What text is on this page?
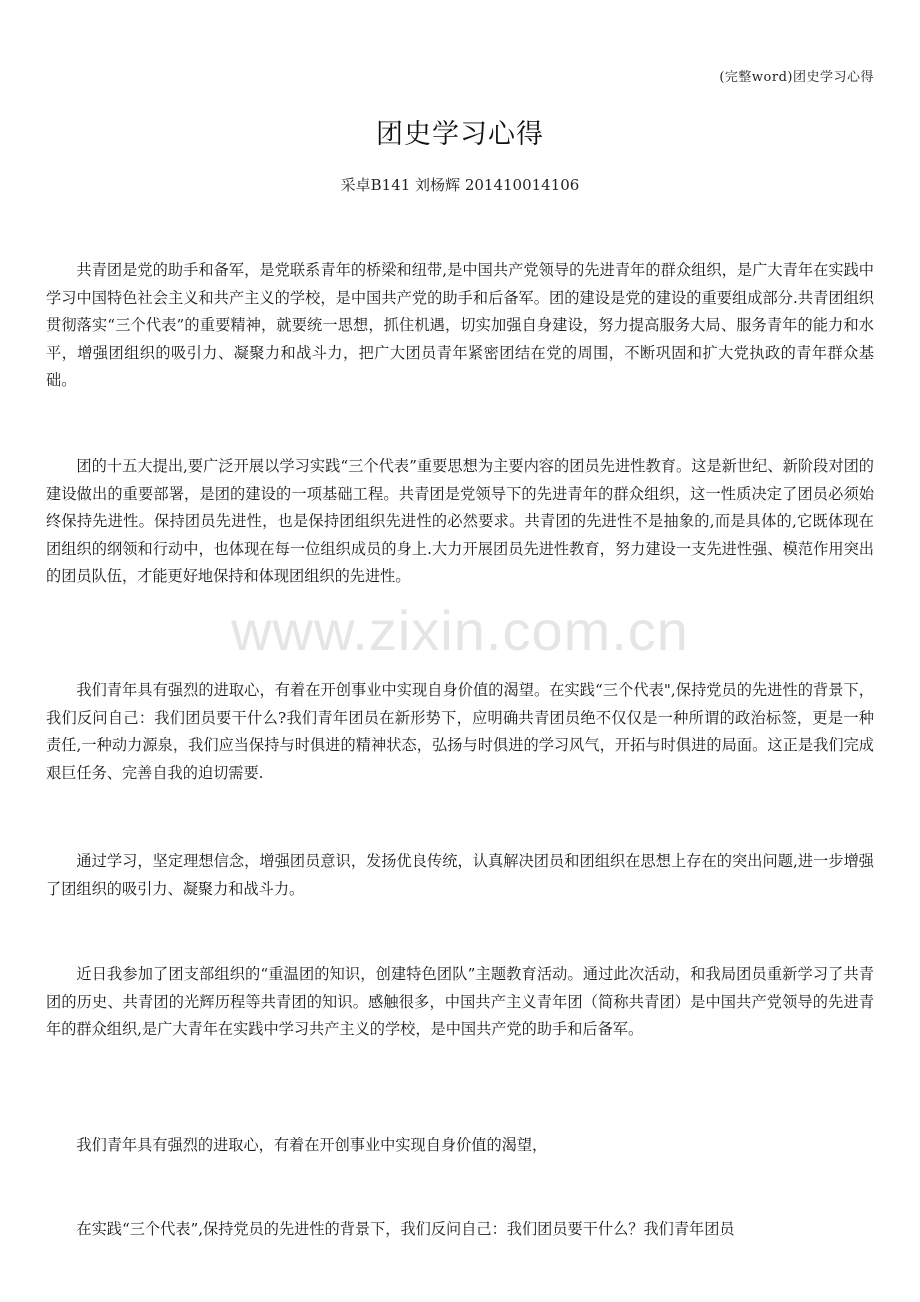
(完整word)团史学习心得
团史学习心得
采卓B141 刘杨辉 201410014106
www.zixin.com.cn

共青团是党的助手和备军，是党联系青年的桥梁和纽带,是中国共产党领导的先进青年的群众组织，是广大青年在实践中学习中国特色社会主义和共产主义的学校，是中国共产党的助手和后备军。团的建设是党的建设的重要组成部分.共青团组织贯彻落实“三个代表”的重要精神，就要统一思想，抓住机遇，切实加强自身建设，努力提高服务大局、服务青年的能力和水平，增强团组织的吸引力、凝聚力和战斗力，把广大团员青年紧密团结在党的周围，不断巩固和扩大党执政的青年群众基础。

团的十五大提出,要广泛开展以学习实践“三个代表”重要思想为主要内容的团员先进性教育。这是新世纪、新阶段对团的建设做出的重要部署，是团的建设的一项基础工程。共青团是党领导下的先进青年的群众组织，这一性质决定了团员必须始终保持先进性。保持团员先进性，也是保持团组织先进性的必然要求。共青团的先进性不是抽象的,而是具体的,它既体现在团组织的纲领和行动中，也体现在每一位组织成员的身上.大力开展团员先进性教育，努力建设一支先进性强、模范作用突出的团员队伍，才能更好地保持和体现团组织的先进性。

我们青年具有强烈的进取心，有着在开创事业中实现自身价值的渴望。在实践“三个代表",保持党员的先进性的背景下，我们反问自己：我们团员要干什么?我们青年团员在新形势下，应明确共青团员绝不仅仅是一种所谓的政治标签，更是一种责任,一种动力源泉，我们应当保持与时俱进的精神状态，弘扬与时俱进的学习风气，开拓与时俱进的局面。这正是我们完成艰巨任务、完善自我的迫切需要.

通过学习，坚定理想信念，增强团员意识，发扬优良传统，认真解决团员和团组织在思想上存在的突出问题,进一步增强了团组织的吸引力、凝聚力和战斗力。

近日我参加了团支部组织的“重温团的知识，创建特色团队”主题教育活动。通过此次活动，和我局团员重新学习了共青团的历史、共青团的光辉历程等共青团的知识。感触很多，中国共产主义青年团（简称共青团）是中国共产党领导的先进青年的群众组织,是广大青年在实践中学习共产主义的学校，是中国共产党的助手和后备军。

我们青年具有强烈的进取心，有着在开创事业中实现自身价值的渴望，

在实践“三个代表”,保持党员的先进性的背景下，我们反问自己：我们团员要干什么？我们青年团员
